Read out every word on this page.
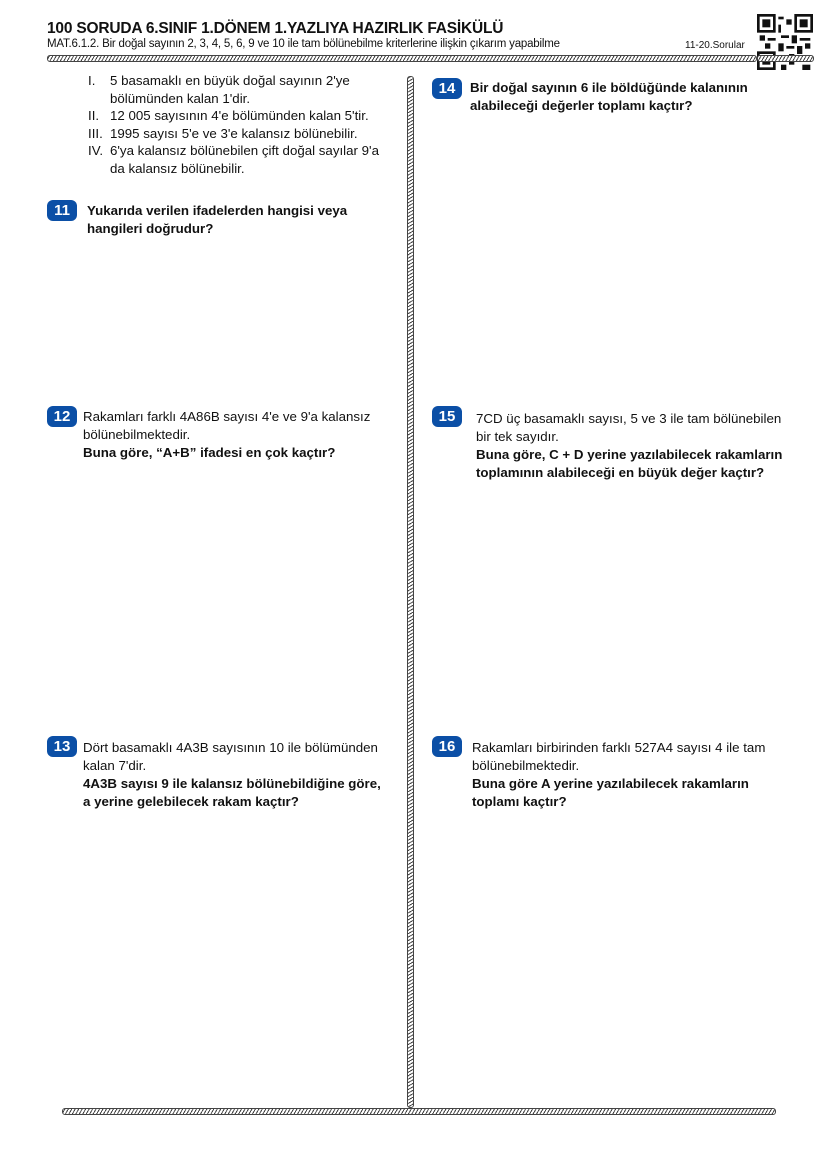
100 SORUDA 6.SINIF 1.DÖNEM 1.YAZLIYA HAZIRLIK FASİKÜLÜ
MAT.6.1.2. Bir doğal sayının 2, 3, 4, 5, 6, 9 ve 10 ile tam bölünebilme kriterlerine ilişkin çıkarım yapabilme	11-20.Sorular
I.	5 basamaklı en büyük doğal sayının 2'ye
bölümünden kalan 1'dir.
II. 12 005 sayısının 4'e bölümünden kalan 5'tir.
III. 1995 sayısı 5'e ve 3'e kalansız bölünebilir.
IV. 6'ya kalansız bölünebilen çift doğal sayılar 9'a
da kalansız bölünebilir.
11	Yukarıda verilen ifadelerden hangisi veya
hangileri doğrudur?
14	Bir doğal sayının 6 ile böldüğünde kalanının
alabileceği değerler toplamı kaçtır?
12 Rakamları farklı 4A86B sayısı 4'e ve 9'a kalansız
bölünebilmektedir.
Buna göre, “A+B” ifadesi en çok kaçtır?
15	7CD üç basamaklı sayısı, 5 ve 3 ile tam bölünebilen
bir tek sayıdır.
Buna göre, C + D yerine yazılabilecek rakamların
toplamının alabileceği en büyük değer kaçtır?
13 Dört basamaklı 4A3B sayısının 10 ile bölümünden
kalan 7'dir.
4A3B sayısı 9 ile kalansız bölünebildiğine göre,
a yerine gelebilecek rakam kaçtır?
16	Rakamları birbirinden farklı 527A4 sayısı 4 ile tam
bölünebilmektedir.
Buna göre A yerine yazılabilecek rakamların
toplamı kaçtır?
